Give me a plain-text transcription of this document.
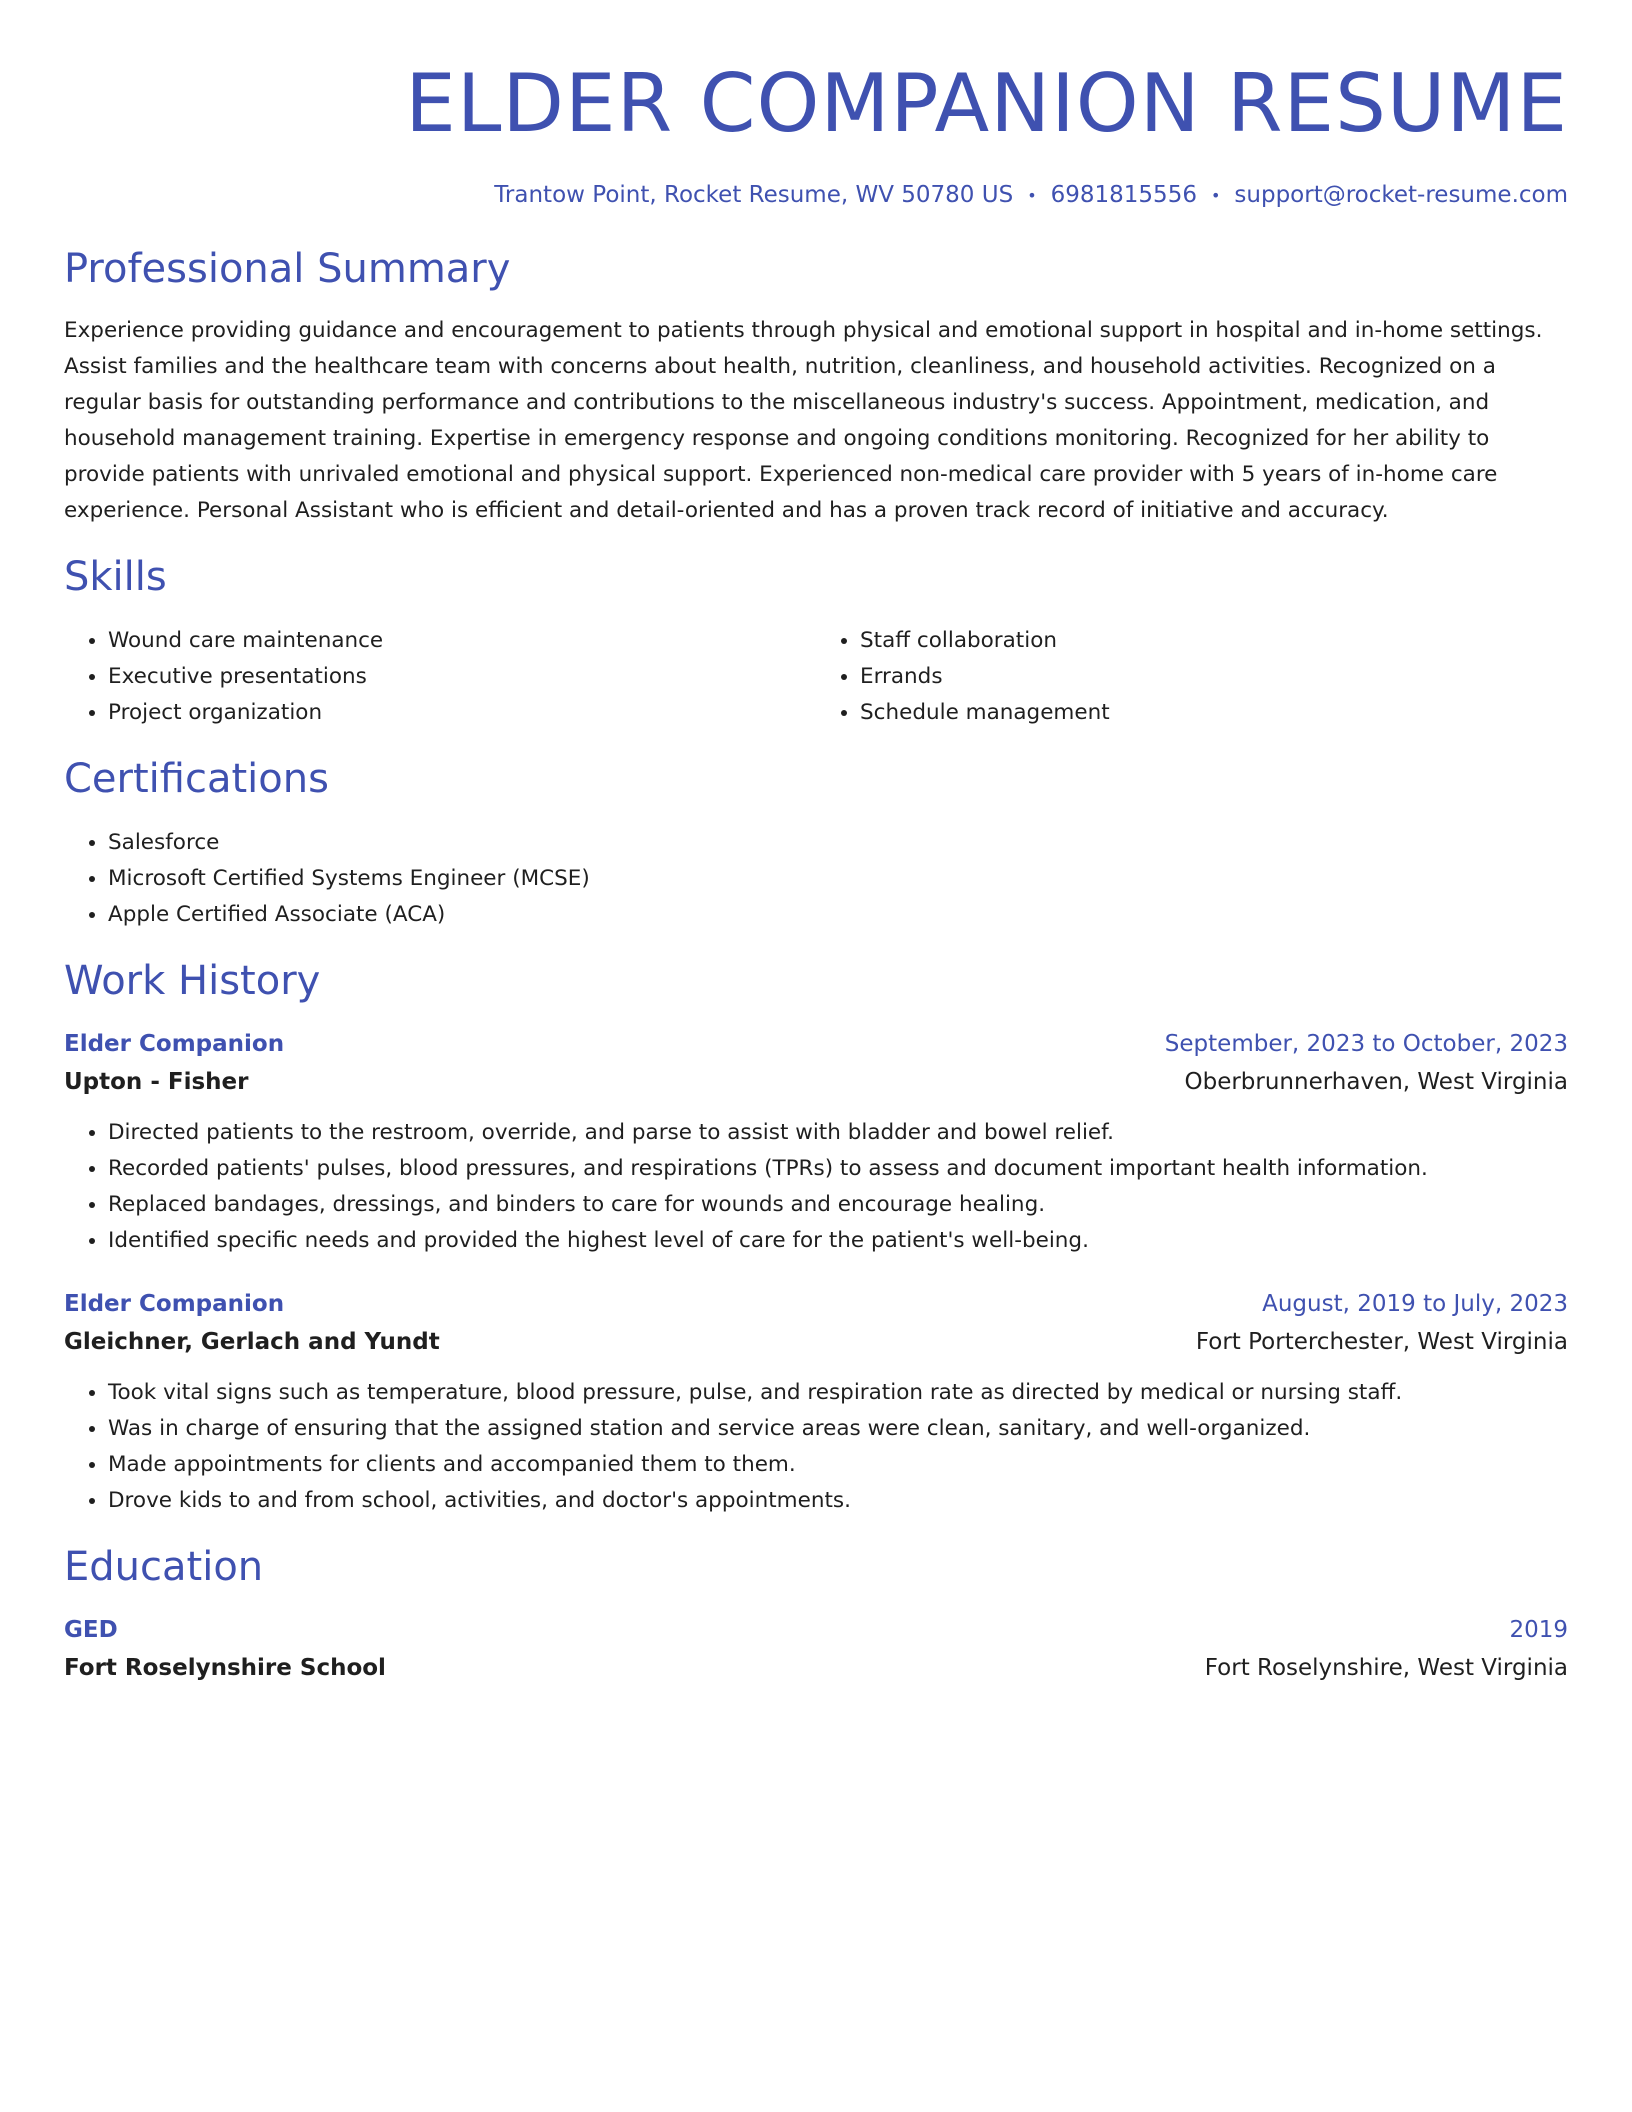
ELDER COMPANION RESUME
Trantow Point, Rocket Resume, WV 50780 US • 6981815556 • support@rocket-resume.com
Professional Summary

Experience providing guidance and encouragement to patients through physical and emotional support in hospital and in-home settings. Assist families and the healthcare team with concerns about health, nutrition, cleanliness, and household activities. Recognized on a regular basis for outstanding performance and contributions to the miscellaneous industry's success. Appointment, medication, and household management training. Expertise in emergency response and ongoing conditions monitoring. Recognized for her ability to provide patients with unrivaled emotional and physical support. Experienced non-medical care provider with 5 years of in-home care experience. Personal Assistant who is efficient and detail-oriented and has a proven track record of initiative and accuracy.

Skills
• Wound care maintenance
• Executive presentations
• Project organization
• Staff collaboration
• Errands
• Schedule management
Certifications
• Salesforce
• Microsoft Certified Systems Engineer (MCSE)
• Apple Certified Associate (ACA)
Work History
Elder Companion	September, 2023 to October, 2023
Upton - Fisher	Oberbrunnerhaven, West Virginia
• Directed patients to the restroom, override, and parse to assist with bladder and bowel relief.
• Recorded patients' pulses, blood pressures, and respirations (TPRs) to assess and document important health information.
• Replaced bandages, dressings, and binders to care for wounds and encourage healing.
• Identified specific needs and provided the highest level of care for the patient's well-being.
Elder Companion	August, 2019 to July, 2023
Gleichner, Gerlach and Yundt	Fort Porterchester, West Virginia
• Took vital signs such as temperature, blood pressure, pulse, and respiration rate as directed by medical or nursing staff.
• Was in charge of ensuring that the assigned station and service areas were clean, sanitary, and well-organized.
• Made appointments for clients and accompanied them to them.
• Drove kids to and from school, activities, and doctor's appointments.
Education
GED	2019
Fort Roselynshire School	Fort Roselynshire, West Virginia
